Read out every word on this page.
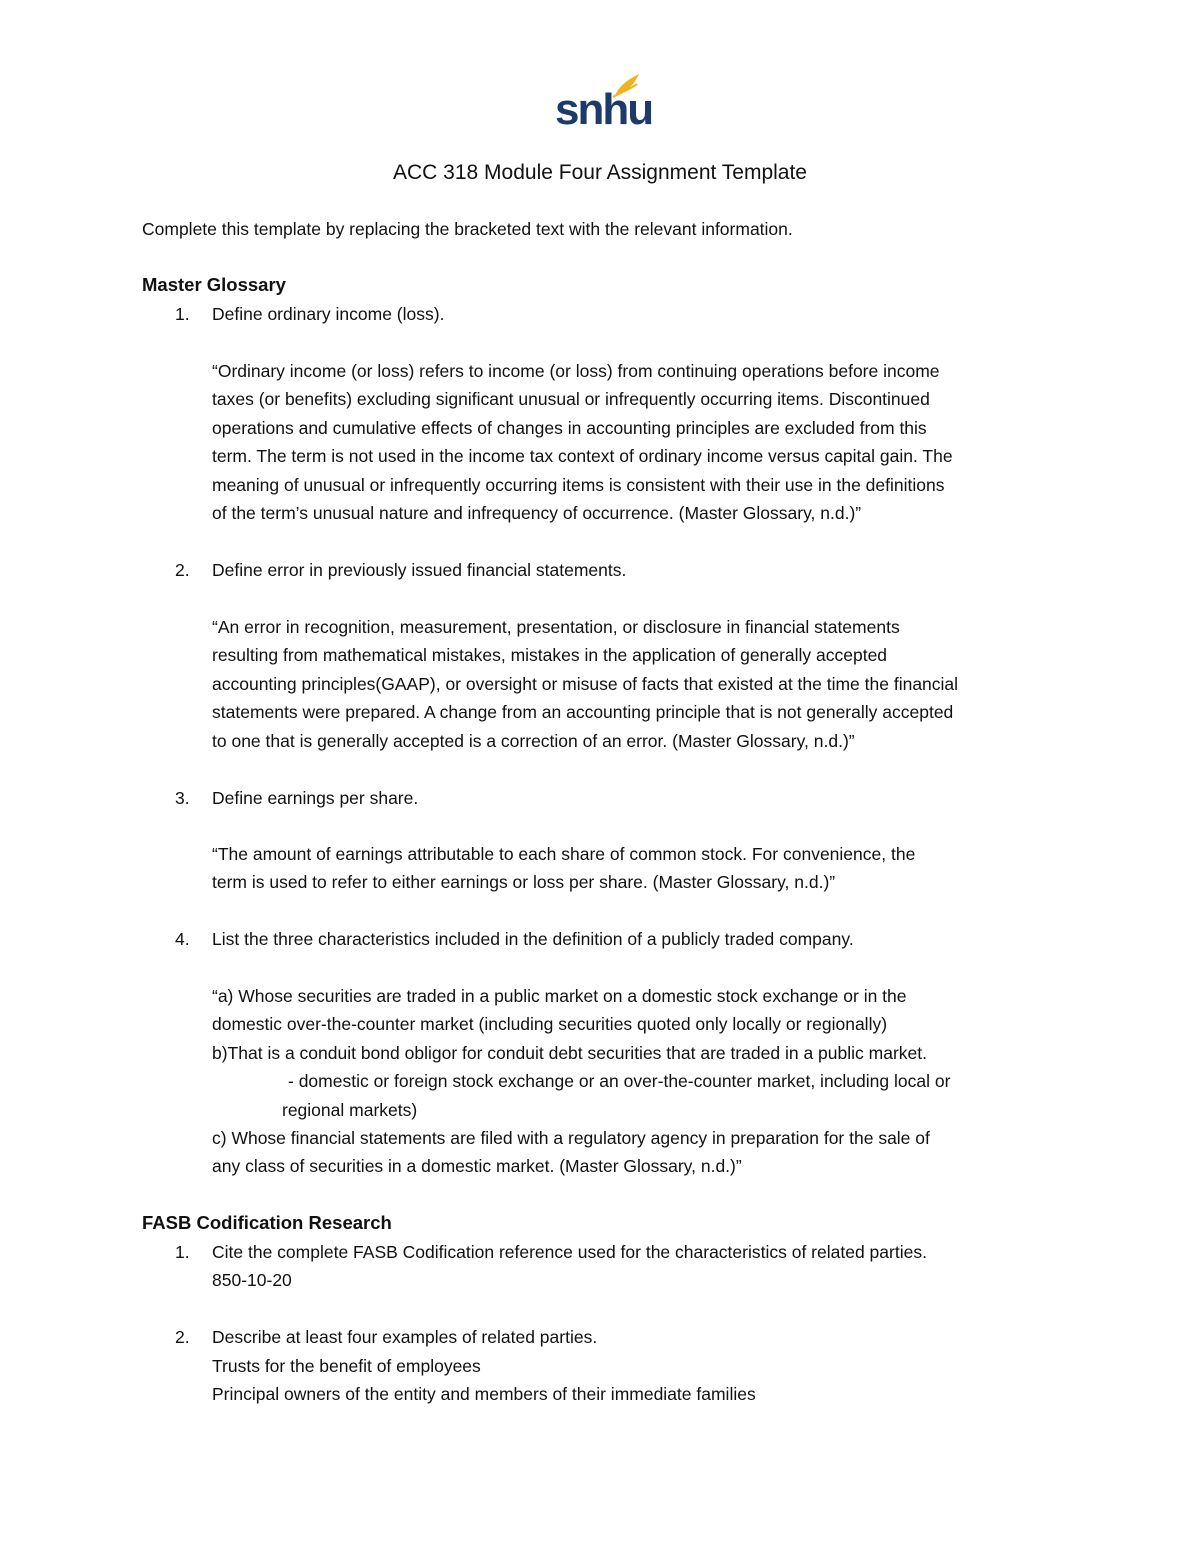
snhu
ACC 318 Module Four Assignment Template
Complete this template by replacing the bracketed text with the relevant information.
Master Glossary
1. Define ordinary income (loss).
“Ordinary income (or loss) refers to income (or loss) from continuing operations before income
taxes (or benefits) excluding significant unusual or infrequently occurring items. Discontinued
operations and cumulative effects of changes in accounting principles are excluded from this
term. The term is not used in the income tax context of ordinary income versus capital gain. The
meaning of unusual or infrequently occurring items is consistent with their use in the definitions
of the term’s unusual nature and infrequency of occurrence. (Master Glossary, n.d.)”
2. Define error in previously issued financial statements.
“An error in recognition, measurement, presentation, or disclosure in financial statements
resulting from mathematical mistakes, mistakes in the application of generally accepted
accounting principles(GAAP), or oversight or misuse of facts that existed at the time the financial
statements were prepared. A change from an accounting principle that is not generally accepted
to one that is generally accepted is a correction of an error. (Master Glossary, n.d.)”
3. Define earnings per share.
“The amount of earnings attributable to each share of common stock. For convenience, the
term is used to refer to either earnings or loss per share. (Master Glossary, n.d.)”
4. List the three characteristics included in the definition of a publicly traded company.
“a) Whose securities are traded in a public market on a domestic stock exchange or in the
domestic over-the-counter market (including securities quoted only locally or regionally)
b)That is a conduit bond obligor for conduit debt securities that are traded in a public market.
- domestic or foreign stock exchange or an over-the-counter market, including local or
regional markets)
c) Whose financial statements are filed with a regulatory agency in preparation for the sale of
any class of securities in a domestic market. (Master Glossary, n.d.)”
FASB Codification Research
1. Cite the complete FASB Codification reference used for the characteristics of related parties.
850-10-20
2. Describe at least four examples of related parties.
Trusts for the benefit of employees
Principal owners of the entity and members of their immediate families
